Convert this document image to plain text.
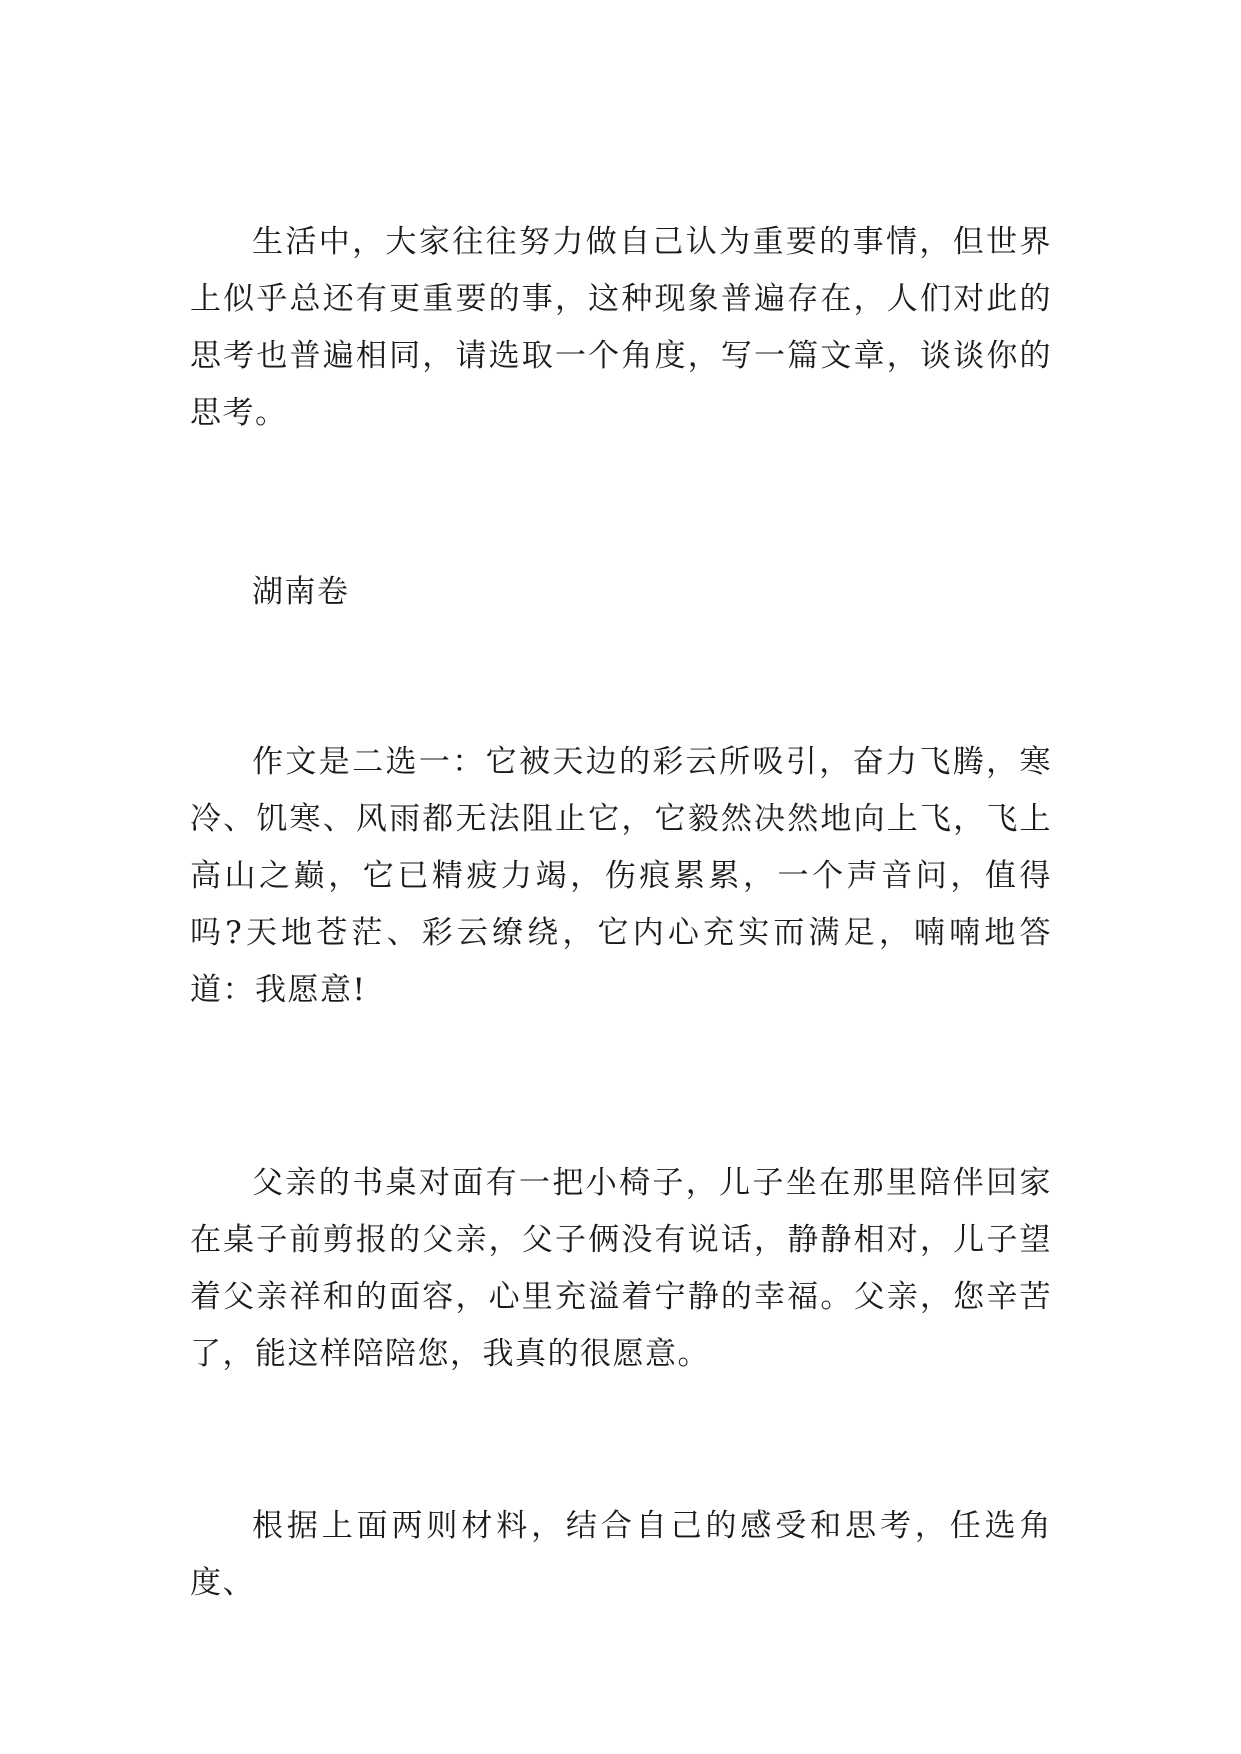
生活中，大家往往努力做自己认为重要的事情，但世界上似乎总还有更重要的事，这种现象普遍存在，人们对此的思考也普遍相同，请选取一个角度，写一篇文章，谈谈你的思考。

湖南卷

作文是二选一：它被天边的彩云所吸引，奋力飞腾，寒冷、饥寒、风雨都无法阻止它，它毅然决然地向上飞，飞上高山之巅，它已精疲力竭，伤痕累累，一个声音问，值得吗?天地苍茫、彩云缭绕，它内心充实而满足，喃喃地答道：我愿意!

父亲的书桌对面有一把小椅子，儿子坐在那里陪伴回家在桌子前剪报的父亲，父子俩没有说话，静静相对，儿子望着父亲祥和的面容，心里充溢着宁静的幸福。父亲，您辛苦了，能这样陪陪您，我真的很愿意。

根据上面两则材料，结合自己的感受和思考，任选角度、
